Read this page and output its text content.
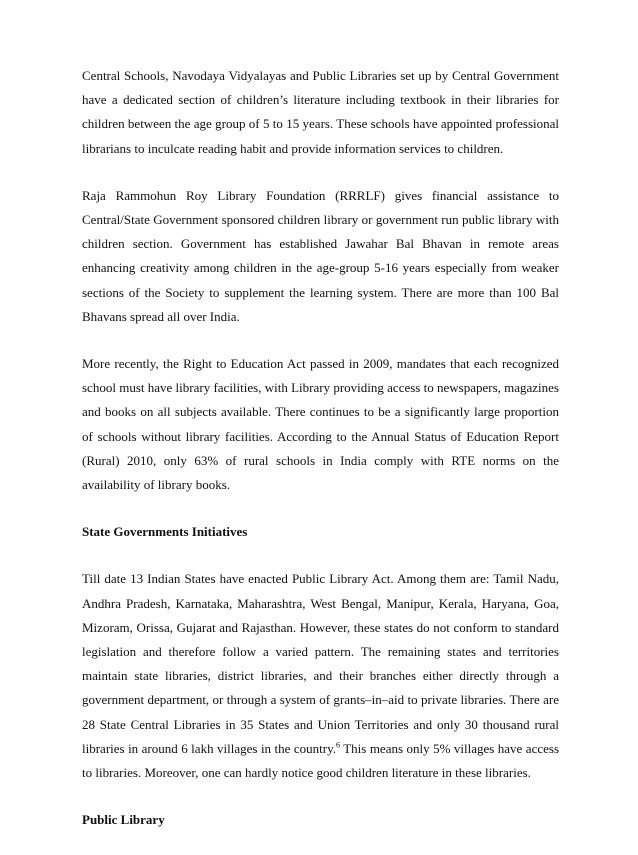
Central Schools, Navodaya Vidyalayas and Public Libraries set up by Central Government have a dedicated section of children’s literature including textbook in their libraries for children between the age group of 5 to 15 years. These schools have appointed professional librarians to inculcate reading habit and provide information services to children.

Raja Rammohun Roy Library Foundation (RRRLF) gives financial assistance to Central/State Government sponsored children library or government run public library with children section. Government has established Jawahar Bal Bhavan in remote areas enhancing creativity among children in the age-group 5-16 years especially from weaker sections of the Society to supplement the learning system. There are more than 100 Bal Bhavans spread all over India.

More recently, the Right to Education Act passed in 2009, mandates that each recognized school must have library facilities, with Library providing access to newspapers, magazines and books on all subjects available. There continues to be a significantly large proportion of schools without library facilities. According to the Annual Status of Education Report (Rural) 2010, only 63% of rural schools in India comply with RTE norms on the availability of library books.

State Governments Initiatives

Till date 13 Indian States have enacted Public Library Act. Among them are: Tamil Nadu, Andhra Pradesh, Karnataka, Maharashtra, West Bengal, Manipur, Kerala, Haryana, Goa, Mizoram, Orissa, Gujarat and Rajasthan. However, these states do not conform to standard legislation and therefore follow a varied pattern. The remaining states and territories maintain state libraries, district libraries, and their branches either directly through a government department, or through a system of grants–in–aid to private libraries. There are 28 State Central Libraries in 35 States and Union Territories and only 30 thousand rural libraries in around 6 lakh villages in the country.$^6$ This means only 5% villages have access to libraries. Moreover, one can hardly notice good children literature in these libraries.

Public Library
